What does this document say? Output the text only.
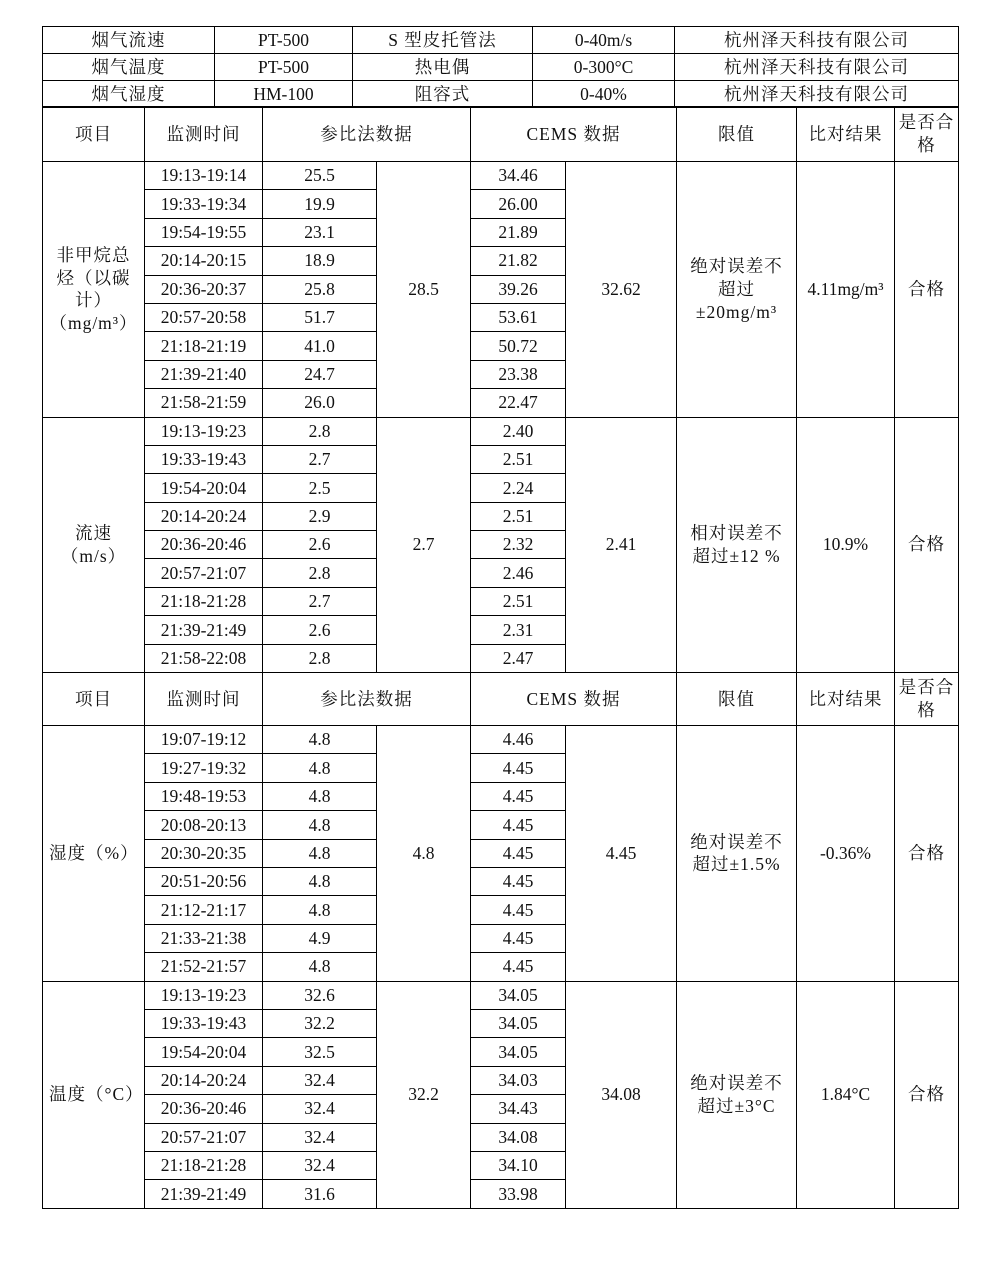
烟气流速	PT-500	S 型皮托管法	0-40m/s	杭州泽天科技有限公司
烟气温度	PT-500	热电偶	0-300°C	杭州泽天科技有限公司
烟气湿度	HM-100	阻容式	0-40%	杭州泽天科技有限公司
项目	监测时间	参比法数据		CEMS 数据		限值	比对结果	是否合格
非甲烷总烃（以碳计）（mg/m³）	19:13-19:14	25.5	28.5	34.46	32.62	绝对误差不超过±20mg/m³	4.11mg/m³	合格
	19:33-19:34	19.9		26.00				
	19:54-19:55	23.1		21.89				
	20:14-20:15	18.9		21.82				
	20:36-20:37	25.8		39.26				
	20:57-20:58	51.7		53.61				
	21:18-21:19	41.0		50.72				
	21:39-21:40	24.7		23.38				
	21:58-21:59	26.0		22.47				
流速（m/s）	19:13-19:23	2.8	2.7	2.40	2.41	相对误差不超过±12 %	10.9%	合格
	19:33-19:43	2.7		2.51				
	19:54-20:04	2.5		2.24				
	20:14-20:24	2.9		2.51				
	20:36-20:46	2.6		2.32				
	20:57-21:07	2.8		2.46				
	21:18-21:28	2.7		2.51				
	21:39-21:49	2.6		2.31				
	21:58-22:08	2.8		2.47				
项目	监测时间	参比法数据		CEMS 数据		限值	比对结果	是否合格
湿度（%）	19:07-19:12	4.8	4.8	4.46	4.45	绝对误差不超过±1.5%	-0.36%	合格
	19:27-19:32	4.8		4.45				
	19:48-19:53	4.8		4.45				
	20:08-20:13	4.8		4.45				
	20:30-20:35	4.8		4.45				
	20:51-20:56	4.8		4.45				
	21:12-21:17	4.8		4.45				
	21:33-21:38	4.9		4.45				
	21:52-21:57	4.8		4.45				
温度（°C）	19:13-19:23	32.6	32.2	34.05	34.08	绝对误差不超过±3°C	1.84°C	合格
	19:33-19:43	32.2		34.05				
	19:54-20:04	32.5		34.05				
	20:14-20:24	32.4		34.03				
	20:36-20:46	32.4		34.43				
	20:57-21:07	32.4		34.08				
	21:18-21:28	32.4		34.10				
	21:39-21:49	31.6		33.98				
